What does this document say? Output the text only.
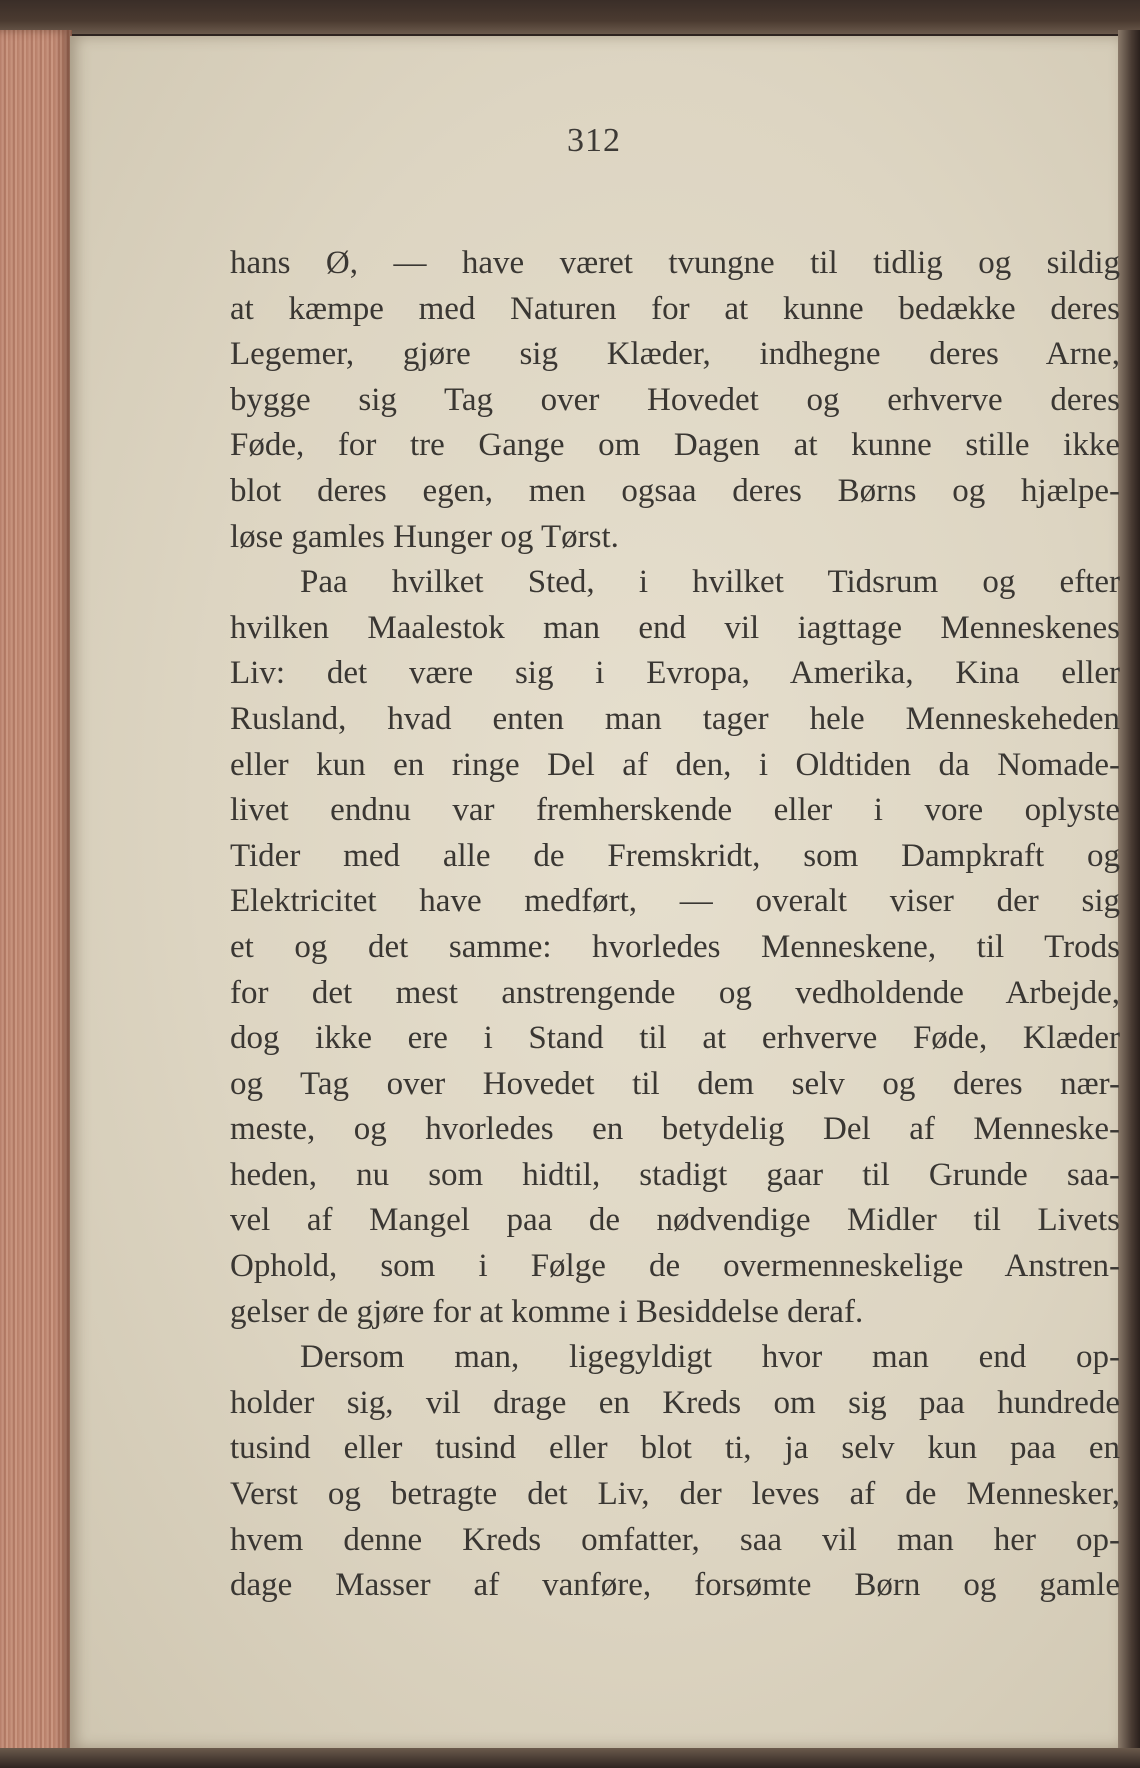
312
hans Ø, — have været tvungne til tidlig og sildig
at kæmpe med Naturen for at kunne bedække deres
Legemer, gjøre sig Klæder, indhegne deres Arne,
bygge sig Tag over Hovedet og erhverve deres
Føde, for tre Gange om Dagen at kunne stille ikke
blot deres egen, men ogsaa deres Børns og hjælpe-
løse gamles Hunger og Tørst.
Paa hvilket Sted, i hvilket Tidsrum og efter
hvilken Maalestok man end vil iagttage Menneskenes
Liv: det være sig i Evropa, Amerika, Kina eller
Rusland, hvad enten man tager hele Menneskeheden
eller kun en ringe Del af den, i Oldtiden da Nomade-
livet endnu var fremherskende eller i vore oplyste
Tider med alle de Fremskridt, som Dampkraft og
Elektricitet have medført, — overalt viser der sig
et og det samme: hvorledes Menneskene, til Trods
for det mest anstrengende og vedholdende Arbejde,
dog ikke ere i Stand til at erhverve Føde, Klæder
og Tag over Hovedet til dem selv og deres nær-
meste, og hvorledes en betydelig Del af Menneske-
heden, nu som hidtil, stadigt gaar til Grunde saa-
vel af Mangel paa de nødvendige Midler til Livets
Ophold, som i Følge de overmenneskelige Anstren-
gelser de gjøre for at komme i Besiddelse deraf.
Dersom man, ligegyldigt hvor man end op-
holder sig, vil drage en Kreds om sig paa hundrede
tusind eller tusind eller blot ti, ja selv kun paa en
Verst og betragte det Liv, der leves af de Mennesker,
hvem denne Kreds omfatter, saa vil man her op-
dage Masser af vanføre, forsømte Børn og gamle
